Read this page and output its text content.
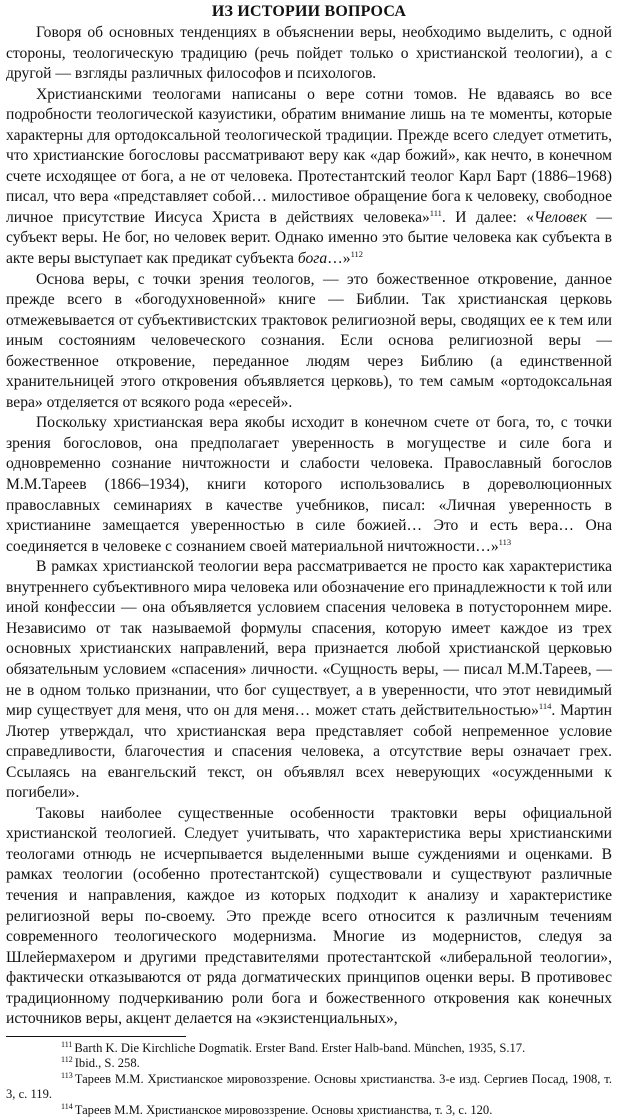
ИЗ ИСТОРИИ ВОПРОСА

Говоря об основных тенденциях в объяснении веры, необходимо выделить, с одной стороны, теологическую традицию (речь пойдет только о христианской теологии), а с другой — взгляды различных философов и психологов.

Христианскими теологами написаны о вере сотни томов. Не вдаваясь во все подробности теологической казуистики, обратим внимание лишь на те моменты, которые характерны для ортодоксальной теологической традиции. Прежде всего следует отметить, что христианские богословы рассматривают веру как «дар божий», как нечто, в конечном счете исходящее от бога, а не от человека. Протестантский теолог Карл Барт (1886–1968) писал, что вера «представляет собой… милостивое обращение бога к человеку, свободное личное присутствие Иисуса Христа в действиях человека»$^{111}$. И далее: «Человек — субъект веры. Не бог, но человек верит. Однако именно это бытие человека как субъекта в акте веры выступает как предикат субъекта бога…»$^{112}$

Основа веры, с точки зрения теологов, — это божественное откровение, данное прежде всего в «богодухновенной» книге — Библии. Так христианская церковь отмежевывается от субъективистских трактовок религиозной веры, сводящих ее к тем или иным состояниям человеческого сознания. Если основа религиозной веры — божественное откровение, переданное людям через Библию (а единственной хранительницей этого откровения объявляется церковь), то тем самым «ортодоксальная вера» отделяется от всякого рода «ересей».

Поскольку христианская вера якобы исходит в конечном счете от бога, то, с точки зрения богословов, она предполагает уверенность в могуществе и силе бога и одновременно сознание ничтожности и слабости человека. Православный богослов М.М.Тареев (1866–1934), книги которого использовались в дореволюционных православных семинариях в качестве учебников, писал: «Личная уверенность в христианине замещается уверенностью в силе божией… Это и есть вера… Она соединяется в человеке с сознанием своей материальной ничтожности…»$^{113}$

В рамках христианской теологии вера рассматривается не просто как характеристика внутреннего субъективного мира человека или обозначение его принадлежности к той или иной конфессии — она объявляется условием спасения человека в потустороннем мире. Независимо от так называемой формулы спасения, которую имеет каждое из трех основных христианских направлений, вера признается любой христианской церковью обязательным условием «спасения» личности. «Сущность веры, — писал М.М.Тареев, — не в одном только признании, что бог существует, а в уверенности, что этот невидимый мир существует для меня, что он для меня… может стать действительностью»$^{114}$. Мартин Лютер утверждал, что христианская вера представляет собой непременное условие справедливости, благочестия и спасения человека, а отсутствие веры означает грех. Ссылаясь на евангельский текст, он объявлял всех неверующих «осужденными к погибели».

Таковы наиболее существенные особенности трактовки веры официальной христианской теологией. Следует учитывать, что характеристика веры христианскими теологами отнюдь не исчерпывается выделенными выше суждениями и оценками. В рамках теологии (особенно протестантской) существовали и существуют различные течения и направления, каждое из которых подходит к анализу и характеристике религиозной веры по-своему. Это прежде всего относится к различным течениям современного теологического модернизма. Многие из модернистов, следуя за Шлейермахером и другими представителями протестантской «либеральной теологии», фактически отказываются от ряда догматических принципов оценки веры. В противовес традиционному подчеркиванию роли бога и божественного откровения как конечных источников веры, акцент делается на «экзистенциальных»,

$^{111}$ Barth K. Die Kirchliche Dogmatik. Erster Band. Erster Halb-band. München, 1935, S.17.

$^{112}$ Ibid., S. 258.

$^{113}$ Тареев М.М. Христианское мировоззрение. Основы христианства. 3-е изд. Сергиев Посад, 1908, т. 3, с. 119.

$^{114}$ Тареев М.М. Христианское мировоззрение. Основы христианства, т. 3, с. 120.
